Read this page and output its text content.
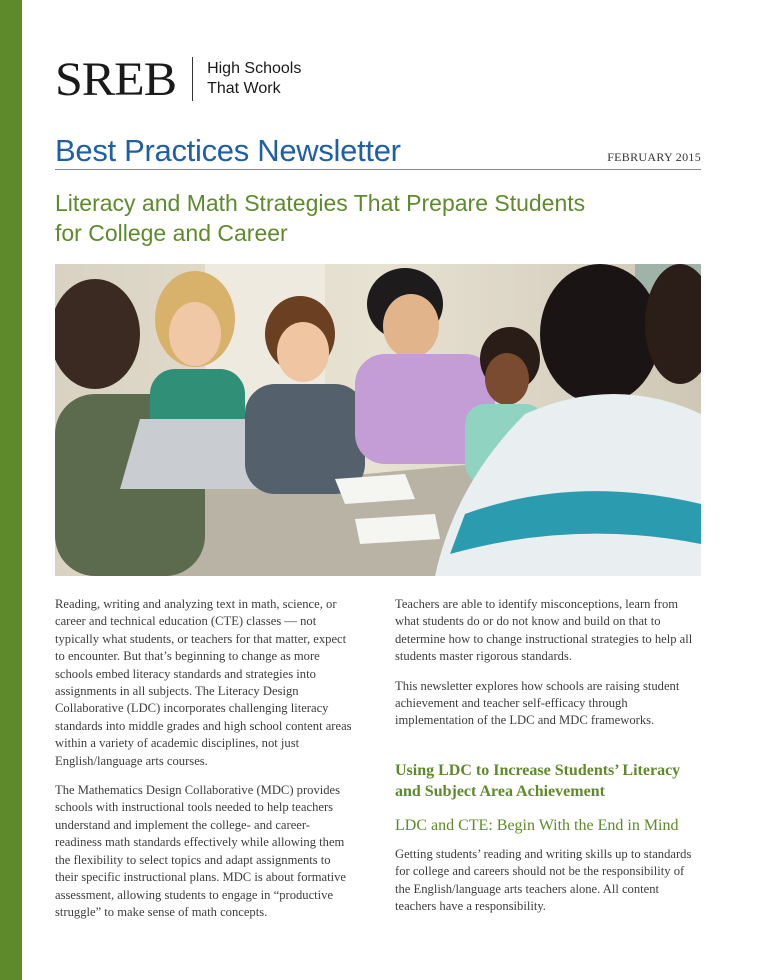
SREB High Schools
That Work
Best Practices Newsletter	FEBRUARY 2015
Literacy and Math Strategies That Prepare Students for College and Career

Reading, writing and analyzing text in math, science, or career and technical education (CTE) classes — not typically what students, or teachers for that matter, expect to encounter. But that’s beginning to change as more schools embed literacy standards and strategies into assignments in all subjects. The Literacy Design Collaborative (LDC) incorporates challenging literacy standards into middle grades and high school content areas within a variety of academic disciplines, not just English/language arts courses.

The Mathematics Design Collaborative (MDC) provides schools with instructional tools needed to help teachers understand and implement the college- and career-readiness math standards effectively while allowing them the flexibility to select topics and adapt assignments to their specific instructional plans. MDC is about formative assessment, allowing students to engage in “productive struggle” to make sense of math concepts.

Teachers are able to identify misconceptions, learn from what students do or do not know and build on that to determine how to change instructional strategies to help all students master rigorous standards.

This newsletter explores how schools are raising student achievement and teacher self-efficacy through implementation of the LDC and MDC frameworks.

Using LDC to Increase Students’ Literacy and Subject Area Achievement
LDC and CTE: Begin With the End in Mind

Getting students’ reading and writing skills up to standards for college and careers should not be the responsibility of the English/language arts teachers alone. All content teachers have a responsibility.
